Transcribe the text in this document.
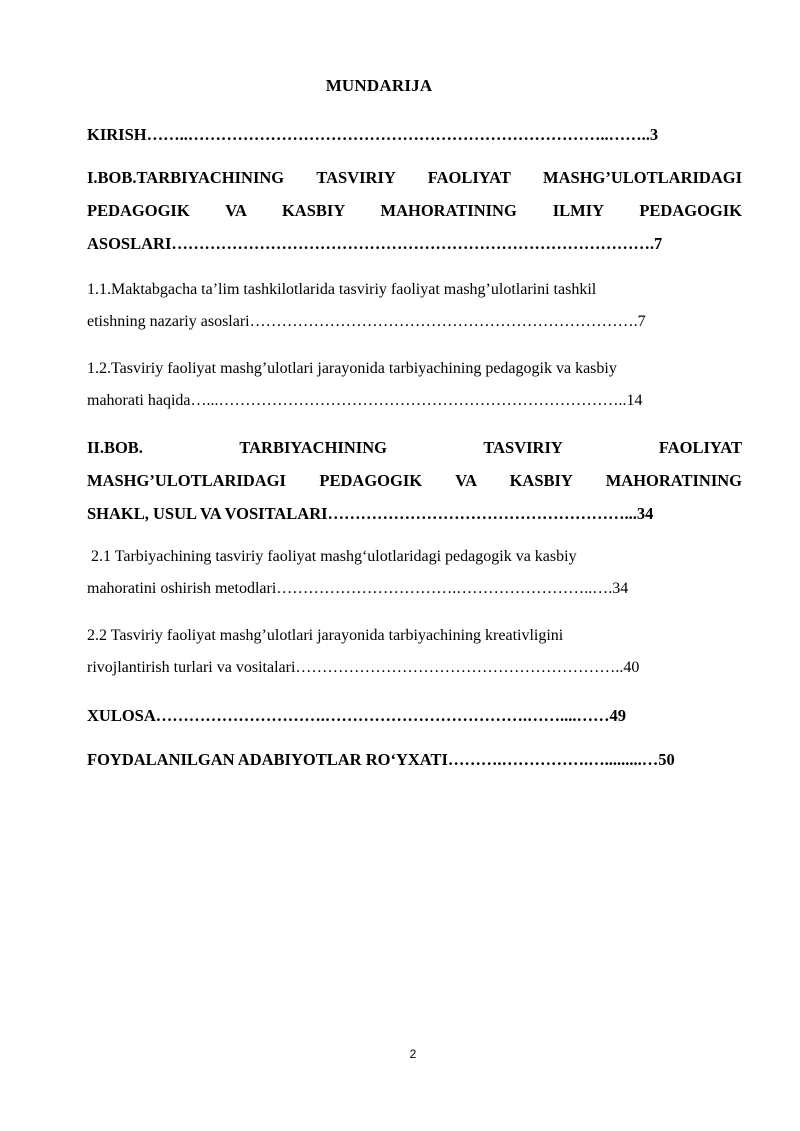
MUNDARIJA
KIRISH……..…………………………………………………………………..……..3
I.BOB.TARBIYACHINING TASVIRIY FAOLIYAT MASHG’ULOTLARIDAGI
PEDAGOGIK VA KASBIY MAHORATINING ILMIY PEDAGOGIK
ASOSLARI…………………………………………………………………………….7
1.1.Maktabgacha ta’lim tashkilotlarida tasviriy faoliyat mashg’ulotlarini tashkil
etishning nazariy asoslari……………………………………………………………….7
1.2.Tasviriy faoliyat mashg’ulotlari jarayonida tarbiyachining pedagogik va kasbiy
mahorati haqida…...…………………………………………………………………..14
II.BOB. TARBIYACHINING TASVIRIY FAOLIYAT
MASHG’ULOTLARIDAGI PEDAGOGIK VA KASBIY MAHORATINING
SHAKL, USUL VA VOSITALARI………………………………………………...34
2.1 Tarbiyachining tasviriy faoliyat mashg‘ulotlaridagi pedagogik va kasbiy
mahoratini oshirish metodlari…………………………….……………………..….34
2.2 Tasviriy faoliyat mashg’ulotlari jarayonida tarbiyachining kreativligini
rivojlantirish turlari va vositalari……………………………………………………..40
XULOSA………………………….……………………………….……....……49
FOYDALANILGAN ADABIYOTLAR RO‘YXATI……….…………….….........…50
2
